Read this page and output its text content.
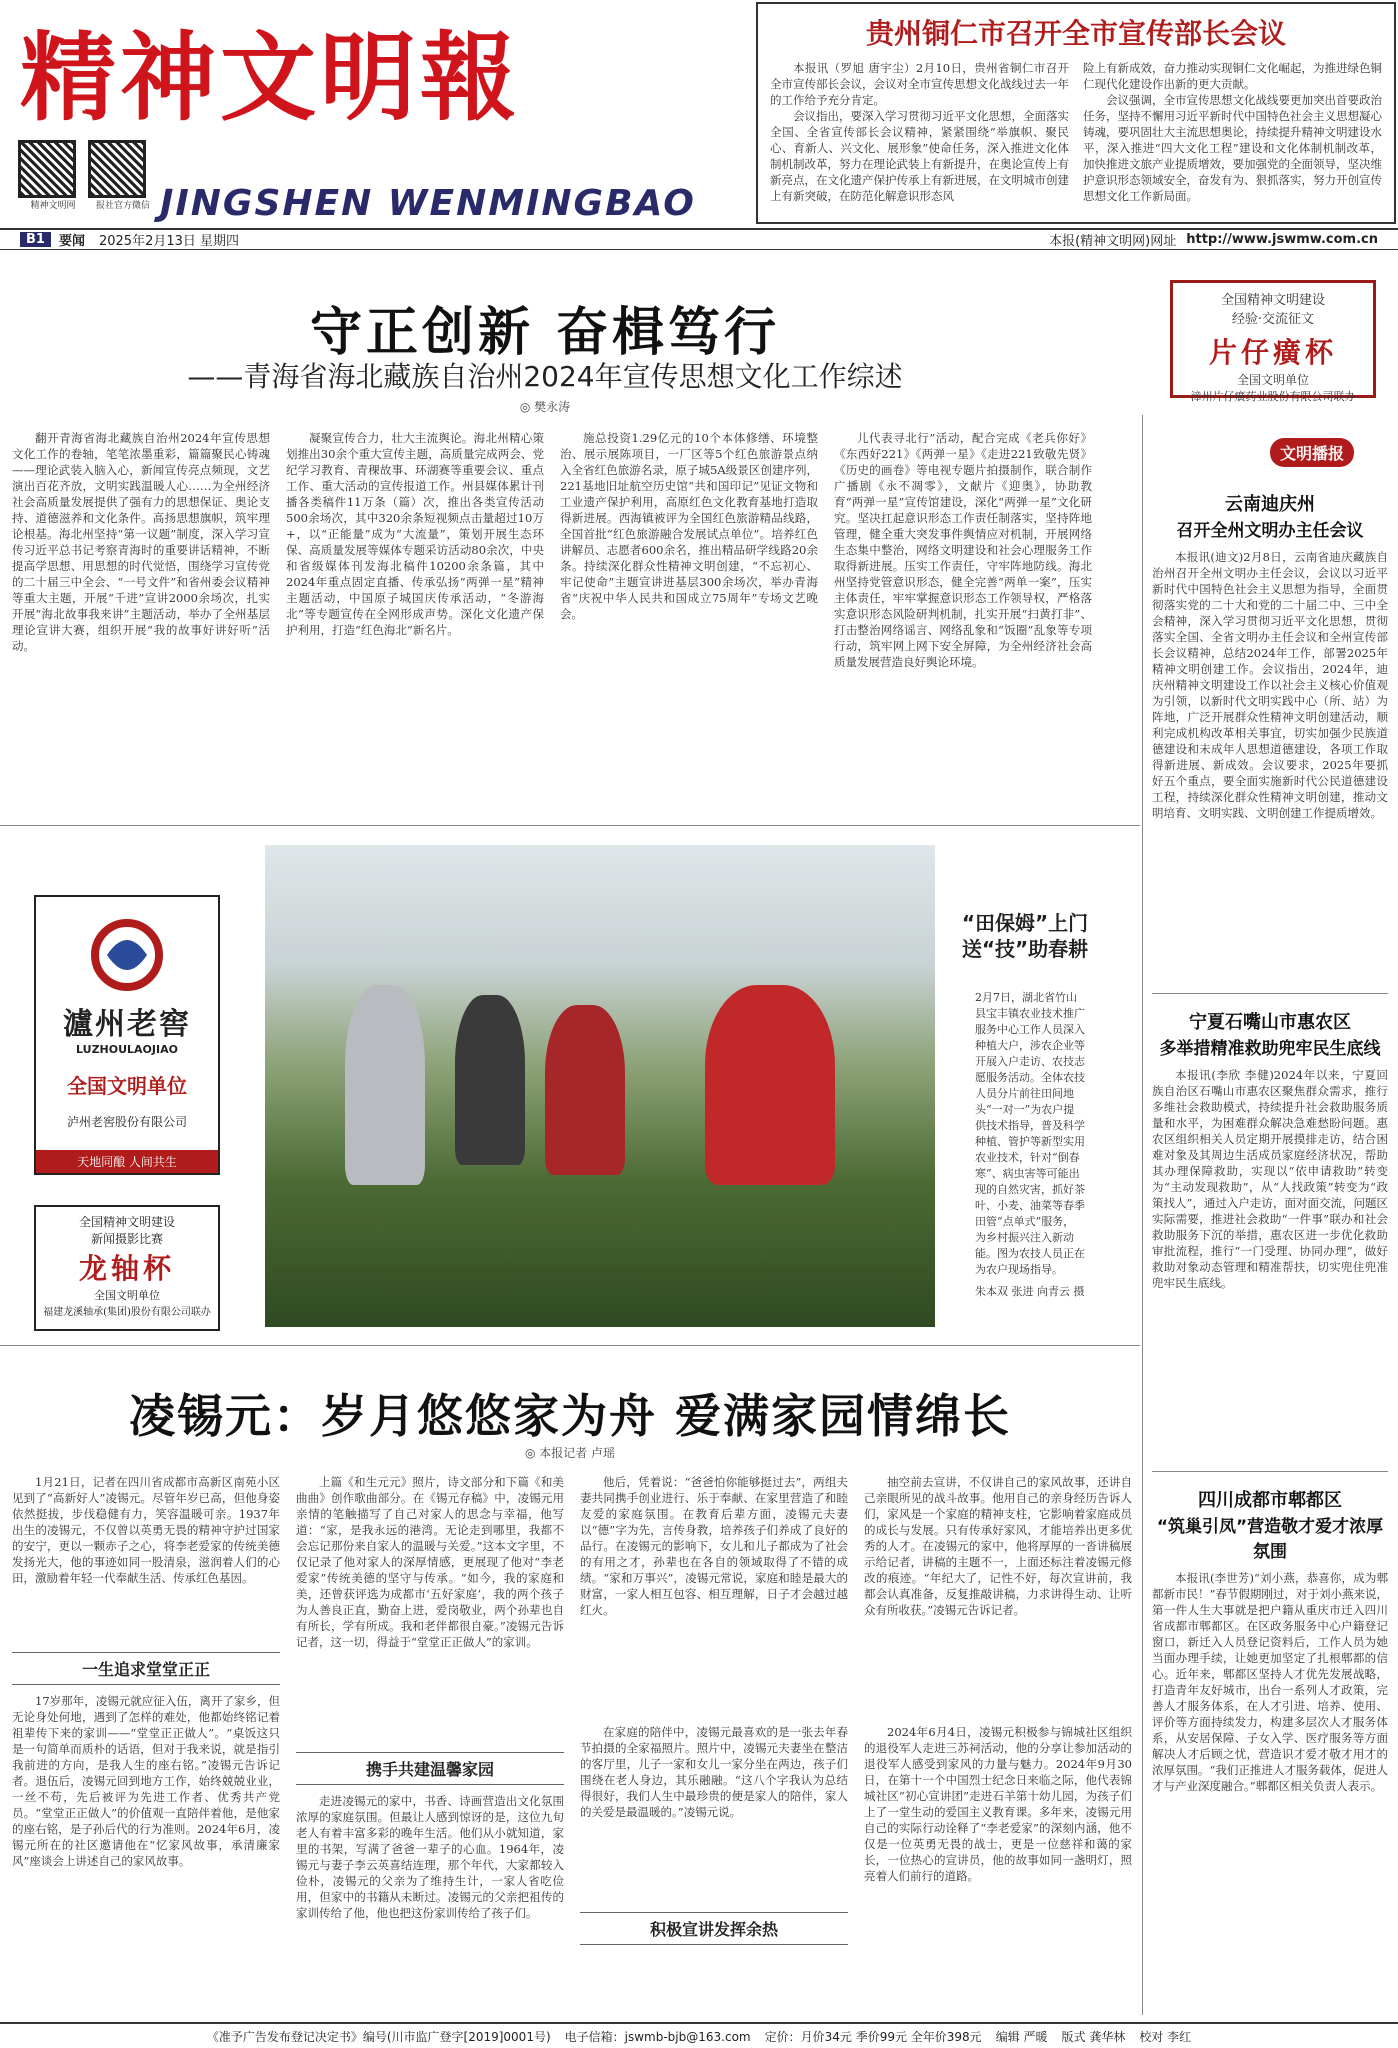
精神文明報
JINGSHEN WENMINGBAO
精神文明网	报社官方微信
贵州铜仁市召开全市宣传部长会议

本报讯（罗旭 唐宇尘）2月10日，贵州省铜仁市召开全市宣传部长会议，会议对全市宣传思想文化战线过去一年的工作给予充分肯定。

会议指出，要深入学习贯彻习近平文化思想，全面落实全国、全省宣传部长会议精神，紧紧围绕“举旗帜、聚民心、育新人、兴文化、展形象”使命任务，深入推进文化体制机制改革，努力在理论武装上有新提升，在奥论宣传上有新亮点，在文化遗产保护传承上有新进展，在文明城市创建上有新突破，在防范化解意识形态风

险上有新成效，奋力推动实现铜仁文化崛起，为推进绿色铜仁现代化建设作出新的更大贡献。

会议强调，全市宣传思想文化战线要更加突出首要政治任务，坚持不懈用习近平新时代中国特色社会主义思想凝心铸魂，要巩固壮大主流思想奥论，持续提升精神文明建设水平，深入推进“四大文化工程”建设和文化体制机制改革，加快推进文旅产业提质增效，要加强党的全面领导，坚决维护意识形态领域安全，奋发有为、狠抓落实，努力开创宣传思想文化工作新局面。

B1	要闻 2025年2月13日 星期四	本报(精神文明网)网址 http://www.jswmw.com.cn
守正创新 奋楫笃行
——青海省海北藏族自治州2024年宣传思想文化工作综述
◎ 樊永涛

翻开青海省海北藏族自治州2024年宣传思想文化工作的卷轴，笔笔浓墨重彩，篇篇聚民心铸魂——理论武装入脑入心，新闻宣传亮点频现，文艺演出百花齐放，文明实践温暖人心……为全州经济社会高质量发展提供了强有力的思想保证、奥论支持、道德滋养和文化条件。高扬思想旗帜，筑牢理论根基。海北州坚持“第一议题”制度，深入学习宣传习近平总书记考察青海时的重要讲话精神，不断提高学思想、用思想的时代觉悟，围绕学习宣传党的二十届三中全会、“一号文件”和省州委会议精神等重大主题，开展“千进”宣讲2000余场次，扎实开展“海北故事我来讲”主题活动，举办了全州基层理论宣讲大赛，组织开展“我的故事好讲好听”活动。

凝聚宣传合力，壮大主流舆论。海北州精心策划推出30余个重大宣传主题，高质量完成两会、党纪学习教育、青稞故事、环湖赛等重要会议、重点工作、重大活动的宣传报道工作。州县媒体累计刊播各类稿件11万条（篇）次，推出各类宣传活动500余场次，其中320余条短视频点击量超过10万+，以“正能量”成为“大流量”，策划开展生态环保、高质量发展等媒体专题采访活动80余次，中央和省级媒体刊发海北稿件10200余条篇，其中2024年重点固定直播、传承弘扬“两弹一星”精神主题活动，中国原子城国庆传承活动，“冬游海北”等专题宣传在全网形成声势。深化文化遗产保护利用，打造“红色海北”新名片。

施总投资1.29亿元的10个本体修缮、环境整治、展示展陈项目，一厂区等5个红色旅游景点纳入全省红色旅游名录，原子城5A级景区创建序列，221基地旧址航空历史馆“共和国印记”见证文物和工业遗产保护利用，高原红色文化教育基地打造取得新进展。西海镇被评为全国红色旅游精品线路，全国首批“红色旅游融合发展试点单位”。培养红色讲解员、志愿者600余名，推出精品研学线路20余条。持续深化群众性精神文明创建，“不忘初心、牢记使命”主题宣讲进基层300余场次，举办青海省“庆祝中华人民共和国成立75周年”专场文艺晚会。

儿代表寻北行”活动，配合完成《老兵你好》《东西好221》《两弹一星》《走进221致敬先贤》《历史的画卷》等电视专题片拍摄制作，联合制作广播剧《永不凋零》，文献片《迎奥》，协助教育“两弹一星”宣传馆建设，深化“两弹一星”文化研究。坚决扛起意识形态工作责任制落实，坚持阵地管理，健全重大突发事件舆情应对机制，开展网络生态集中整治，网络文明建设和社会心理服务工作取得新进展。压实工作责任，守牢阵地防线。海北州坚持党管意识形态，健全完善“两单一案”，压实主体责任，牢牢掌握意识形态工作领导权，严格落实意识形态风险研判机制，扎实开展“扫黄打非”、打击整治网络谣言、网络乱象和“饭圈”乱象等专项行动，筑牢网上网下安全屏障，为全州经济社会高质量发展营造良好舆论环境。

全国精神文明建设
经验·交流征文
片仔癀杯
全国文明单位
漳州片仔癀药业股份有限公司联办
文明播报
云南迪庆州
召开全州文明办主任会议

本报讯(迪文)2月8日，云南省迪庆藏族自治州召开全州文明办主任会议，会议以习近平新时代中国特色社会主义思想为指导，全面贯彻落实党的二十大和党的二十届二中、三中全会精神，深入学习贯彻习近平文化思想，贯彻落实全国、全省文明办主任会议和全州宣传部长会议精神，总结2024年工作，部署2025年精神文明创建工作。会议指出，2024年，迪庆州精神文明建设工作以社会主义核心价值观为引领，以新时代文明实践中心（所、站）为阵地，广泛开展群众性精神文明创建活动，顺利完成机构改革相关事宜，切实加强少民族道德建设和未成年人思想道德建设，各项工作取得新进展、新成效。会议要求，2025年要抓好五个重点，要全面实施新时代公民道德建设工程，持续深化群众性精神文明创建，推动文明培育、文明实践、文明创建工作提质增效。

宁夏石嘴山市惠农区
多举措精准救助兜牢民生底线

本报讯(李欣 李健)2024年以来，宁夏回族自治区石嘴山市惠农区聚焦群众需求，推行多维社会救助模式，持续提升社会救助服务质量和水平，为困难群众解决急难愁盼问题。惠农区组织相关人员定期开展摸排走访，结合困难对象及其周边生活成员家庭经济状况，帮助其办理保障救助，实现以“依申请救助”转变为“主动发现救助”，从“人找政策”转变为“政策找人”，通过入户走访，面对面交流，问题区实际需要，推进社会救助“一件事”联办和社会救助服务下沉的举措，惠农区进一步优化救助审批流程，推行“一门受理、协同办理”，做好救助对象动态管理和精准帮扶，切实兜住兜准兜牢民生底线。

四川成都市郫都区
“筑巢引凤”营造敬才爱才浓厚氛围

本报讯(李世芳)“刘小燕，恭喜你，成为郫都新市民！”春节假期刚过，对于刘小燕来说，第一件人生大事就是把户籍从重庆市迁入四川省成都市郫都区。在区政务服务中心户籍登记窗口，新迁入人员登记资料后，工作人员为她当面办理手续，让她更加坚定了扎根郫都的信心。近年来，郫都区坚持人才优先发展战略，打造青年友好城市，出台一系列人才政策，完善人才服务体系，在人才引进、培养、使用、评价等方面持续发力，构建多层次人才服务体系，从安居保障、子女入学、医疗服务等方面解决人才后顾之忧，营造识才爱才敬才用才的浓厚氛围。“我们正推进人才服务载体，促进人才与产业深度融合。”郫都区相关负责人表示。

瀘州老窖
LUZHOULAOJIAO
全国文明单位
泸州老窖股份有限公司
天地同酿 人间共生
全国精神文明建设
新闻摄影比赛
龙轴杯
全国文明单位
福建龙溪轴承(集团)股份有限公司联办
“田保姆”上门
送“技”助春耕

2月7日，湖北省竹山县宝丰镇农业技术推广服务中心工作人员深入种植大户，涉农企业等开展入户走访、农技志愿服务活动。全体农技人员分片前往田间地头“一对一”为农户提供技术指导，普及科学种植、管护等新型实用农业技术，针对“倒春寒”、病虫害等可能出现的自然灾害，抓好茶叶、小麦、油菜等春季田管“点单式”服务，为乡村振兴注入新动能。图为农技人员正在为农户现场指导。

朱本双 张进 向青云 摄

凌锡元：岁月悠悠家为舟 爱满家园情绵长
◎ 本报记者 卢瑶

1月21日，记者在四川省成都市高新区南苑小区见到了“高新好人”凌锡元。尽管年岁已高，但他身姿依然挺拔，步伐稳健有力，笑容温暖可亲。1937年出生的凌锡元，不仅曾以英勇无畏的精神守护过国家的安宁，更以一颗赤子之心，将李老爱家的传统美德发扬光大，他的事迹如同一股清泉，滋润着人们的心田，激励着年轻一代奉献生活、传承红色基因。

一生追求堂堂正正

17岁那年，凌锡元就应征入伍，离开了家乡，但无论身处何地，遇到了怎样的难处，他都始终铭记着祖辈传下来的家训——“堂堂正正做人”。“桌饭这只是一句简单而质朴的话语，但对于我来说，就是指引我前进的方向，是我人生的座右铭。”凌锡元告诉记者。退伍后，凌锡元回到地方工作，始终兢兢业业，一丝不苟，先后被评为先进工作者、优秀共产党员。“堂堂正正做人”的价值观一直陪伴着他，是他家的座右铭，是子孙后代的行为准则。2024年6月，凌锡元所在的社区邀请他在“忆家风故事，承清廉家风”座谈会上讲述自己的家风故事。

上篇《和生元元》照片，诗文部分和下篇《和美曲曲》创作歌曲部分。在《锡元存稿》中，凌锡元用亲情的笔触描写了自己对家人的思念与幸福，他写道：“家，是我永远的港湾。无论走到哪里，我都不会忘记那份来自家人的温暖与关爱。”这本文字里，不仅记录了他对家人的深厚情感，更展现了他对“李老爱家”传统美德的坚守与传承。“如今，我的家庭和美，还曾获评选为成都市‘五好家庭’，我的两个孩子为人善良正直，勤奋上进，爱岗敬业，两个孙辈也自有所长，学有所成。我和老伴都很自豪。”凌锡元告诉记者，这一切，得益于“堂堂正正做人”的家训。

携手共建温馨家园

走进凌锡元的家中，书香、诗画营造出文化氛围浓厚的家庭氛围。但最让人感到惊讶的是，这位九旬老人有着丰富多彩的晚年生活。他们从小就知道，家里的书架，写满了爸爸一辈子的心血。1964年，凌锡元与妻子李云英喜结连理，那个年代，大家都较入俭朴，凌锡元的父亲为了维持生计，一家人省吃俭用，但家中的书籍从未断过。凌锡元的父亲把祖传的家训传给了他，他也把这份家训传给了孩子们。

他后，凭着说：“爸爸怕你能够挺过去”，两组夫妻共同携手创业进行、乐于奉献、在家里营造了和睦友爱的家庭氛围。在教育后辈方面，凌锡元夫妻以“德”字为先，言传身教，培养孩子们养成了良好的品行。在凌锡元的影响下，女儿和儿子都成为了社会的有用之才，孙辈也在各自的领域取得了不错的成绩。“家和万事兴”，凌锡元常说，家庭和睦是最大的财富，一家人相互包容、相互理解，日子才会越过越红火。

在家庭的陪伴中，凌锡元最喜欢的是一张去年春节拍摄的全家福照片。照片中，凌锡元夫妻坐在整洁的客厅里，儿子一家和女儿一家分坐在两边，孩子们围绕在老人身边，其乐融融。“这八个字我认为总结得很好，我们人生中最珍贵的便是家人的陪伴，家人的关爱是最温暖的。”凌锡元说。

积极宣讲发挥余热

抽空前去宣讲，不仅讲自己的家风故事，还讲自己亲眼所见的战斗故事。他用自己的亲身经历告诉人们，家风是一个家庭的精神支柱，它影响着家庭成员的成长与发展。只有传承好家风，才能培养出更多优秀的人才。在凌锡元的家中，他将厚厚的一沓讲稿展示给记者，讲稿的主题不一，上面还标注着凌锡元修改的痕迹。“年纪大了，记性不好，每次宣讲前，我都会认真准备，反复推敲讲稿，力求讲得生动、让听众有所收获。”凌锡元告诉记者。

2024年6月4日，凌锡元积极参与锦城社区组织的退役军人走进三苏祠活动，他的分享让参加活动的退役军人感受到家风的力量与魅力。2024年9月30日，在第十一个中国烈士纪念日来临之际，他代表锦城社区“初心宣讲团”走进石羊第十幼儿园，为孩子们上了一堂生动的爱国主义教育课。多年来，凌锡元用自己的实际行动诠释了“李老爱家”的深刻内涵，他不仅是一位英勇无畏的战士，更是一位慈祥和蔼的家长，一位热心的宣讲员，他的故事如同一盏明灯，照亮着人们前行的道路。

《准予广告发布登记决定书》编号(川市监广登字[2019]0001号) 电子信箱：jswmb-bjb@163.com 定价：月价34元 季价99元 全年价398元 编辑 严暖 版式 龚华林 校对 李红
